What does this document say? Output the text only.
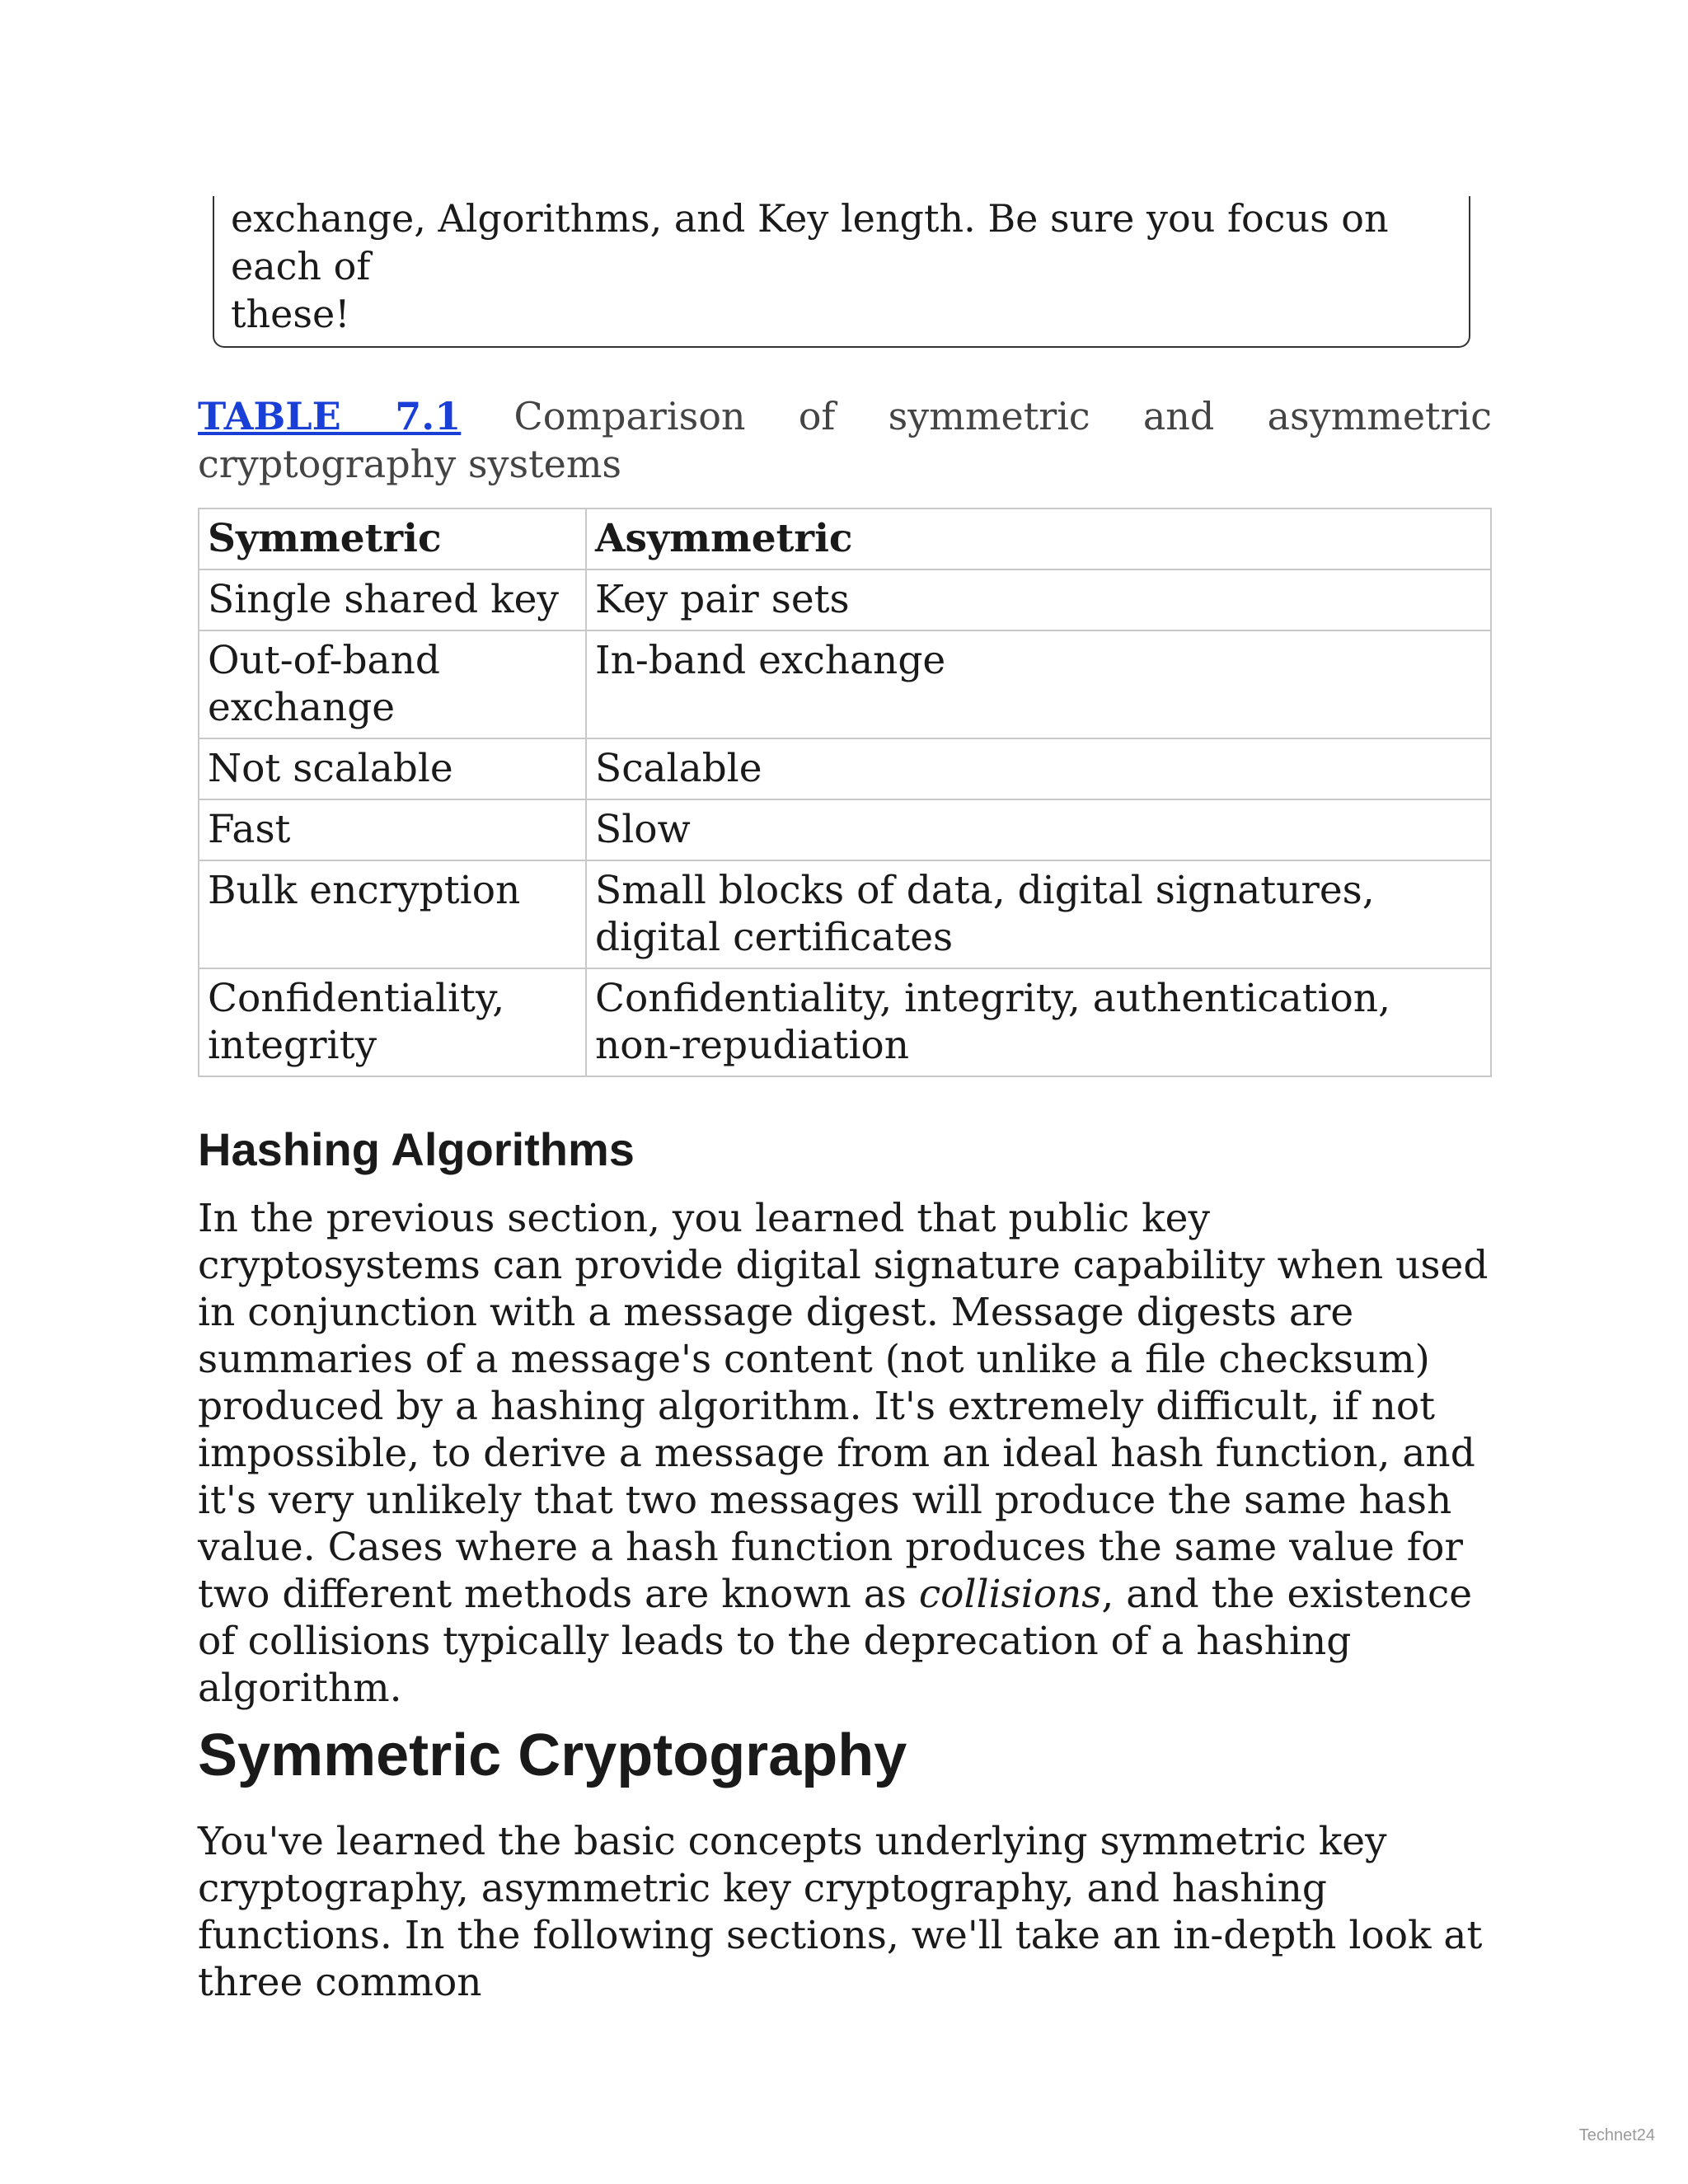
exchange, Algorithms, and Key length. Be sure you focus on each of
these!
TABLE 7.1 Comparison of symmetric and asymmetric cryptography systems
Symmetric	Asymmetric
Single shared key	Key pair sets
Out-of-band exchange	In-band exchange
Not scalable	Scalable
Fast	Slow
Bulk encryption	Small blocks of data, digital signatures, digital certificates
Confidentiality, integrity	Confidentiality, integrity, authentication, non-repudiation
Hashing Algorithms

In the previous section, you learned that public key cryptosystems can provide digital signature capability when used in conjunction with a message digest. Message digests are summaries of a message's content (not unlike a file checksum) produced by a hashing algorithm. It's extremely difficult, if not impossible, to derive a message from an ideal hash function, and it's very unlikely that two messages will produce the same hash value. Cases where a hash function produces the same value for two different methods are known as collisions, and the existence of collisions typically leads to the deprecation of a hashing algorithm.

Symmetric Cryptography

You've learned the basic concepts underlying symmetric key cryptography, asymmetric key cryptography, and hashing functions. In the following sections, we'll take an in-depth look at three common

Technet24
